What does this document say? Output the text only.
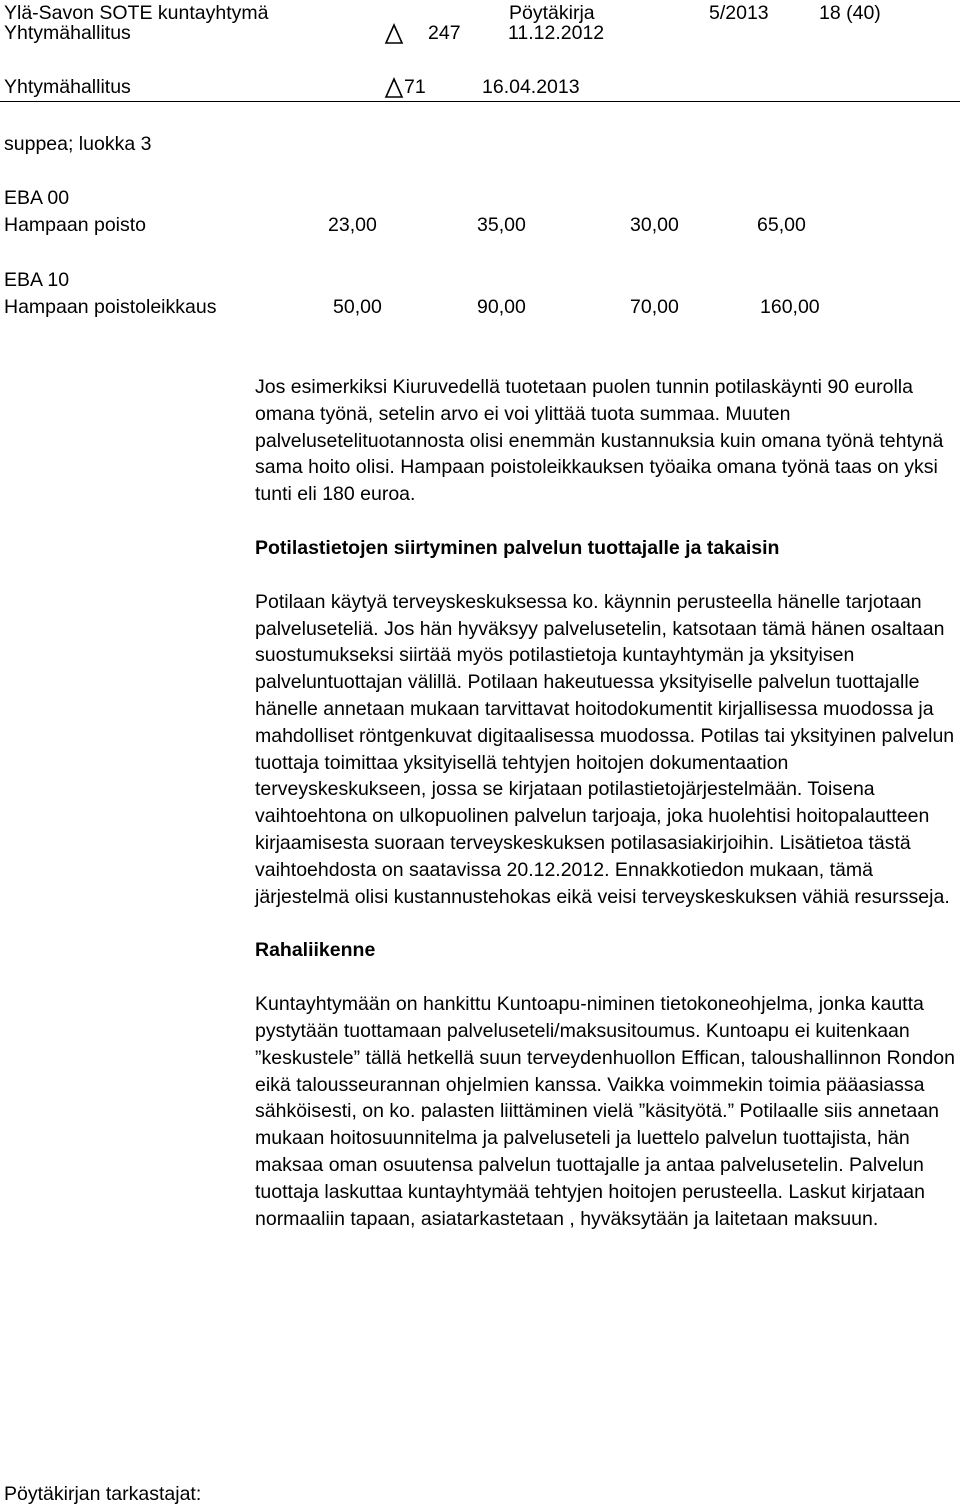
Ylä-Savon SOTE kuntayhtymä	Pöytäkirja	5/2013	18 (40)
Yhtymähallitus	247 11.12.2012
Yhtymähallitus	71	16.04.2013
suppea; luokka 3
EBA 00
Hampaan poisto	23,00	35,00	30,00	65,00
EBA 10
Hampaan poistoleikkaus	50,00	90,00	70,00	160,00

Jos esimerkiksi Kiuruvedellä tuotetaan puolen tunnin potilaskäynti 90 eurolla omana työnä, setelin arvo ei voi ylittää tuota summaa. Muuten palvelusetelituotannosta olisi enemmän kustannuksia kuin omana työnä tehtynä sama hoito olisi. Hampaan poistoleikkauksen työaika omana työnä taas on yksi tunti eli 180 euroa.

Potilastietojen siirtyminen palvelun tuottajalle ja takaisin

Potilaan käytyä terveyskeskuksessa ko. käynnin perusteella hänelle tarjotaan palveluseteliä. Jos hän hyväksyy palvelusetelin, katsotaan tämä hänen osaltaan suostumukseksi siirtää myös potilastietoja kuntayhtymän ja yksityisen palveluntuottajan välillä. Potilaan hakeutuessa yksityiselle palvelun tuottajalle hänelle annetaan mukaan tarvittavat hoitodokumentit kirjallisessa muodossa ja mahdolliset röntgenkuvat digitaalisessa muodossa. Potilas tai yksityinen palvelun tuottaja toimittaa yksityisellä tehtyjen hoitojen dokumentaation terveyskeskukseen, jossa se kirjataan potilastietojärjestelmään. Toisena vaihtoehtona on ulkopuolinen palvelun tarjoaja, joka huolehtisi hoitopalautteen kirjaamisesta suoraan terveyskeskuksen potilasasiakirjoihin. Lisätietoa tästä vaihtoehdosta on saatavissa 20.12.2012. Ennakkotiedon mukaan, tämä järjestelmä olisi kustannustehokas eikä veisi terveyskeskuksen vähiä resursseja.

Rahaliikenne

Kuntayhtymään on hankittu Kuntoapu-niminen tietokoneohjelma, jonka kautta pystytään tuottamaan palveluseteli/maksusitoumus. Kuntoapu ei kuitenkaan ”keskustele” tällä hetkellä suun terveydenhuollon Effican, taloushallinnon Rondon eikä talousseurannan ohjelmien kanssa. Vaikka voimmekin toimia pääasiassa sähköisesti, on ko. palasten liittäminen vielä ”käsityötä.” Potilaalle siis annetaan mukaan hoitosuunnitelma ja palveluseteli ja luettelo palvelun tuottajista, hän maksaa oman osuutensa palvelun tuottajalle ja antaa palvelusetelin. Palvelun tuottaja laskuttaa kuntayhtymää tehtyjen hoitojen perusteella. Laskut kirjataan normaaliin tapaan, asiatarkastetaan , hyväksytään ja laitetaan maksuun.

Pöytäkirjan tarkastajat:
